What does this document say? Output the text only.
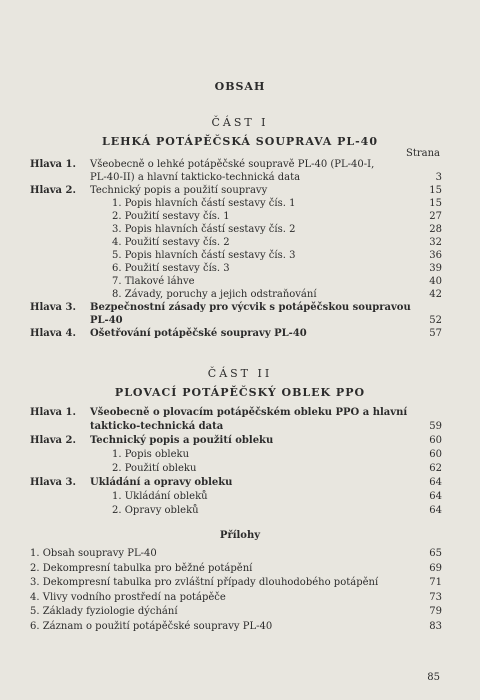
OBSAH
ČÁST I
LEHKÁ POTÁPĚČSKÁ SOUPRAVA PL-40
Strana
Hlava 1. Všeobecně o lehké potápěčské soupravě PL-40 (PL-40-I,
PL-40-II) a hlavní takticko-technická data	3
Hlava 2. Technický popis a použití soupravy	15
1. Popis hlavních částí sestavy čís. 1	15
2. Použití sestavy čís. 1	27
3. Popis hlavních částí sestavy čís. 2	28
4. Použití sestavy čís. 2	32
5. Popis hlavních částí sestavy čís. 3	36
6. Použití sestavy čís. 3	39
7. Tlakové láhve	40
8. Závady, poruchy a jejich odstraňování	42
Hlava 3. Bezpečnostní zásady pro výcvik s potápěčskou soupravou
PL-40	52
Hlava 4. Ošetřování potápěčské soupravy PL-40	57
ČÁST II
PLOVACÍ POTÁPĚČSKÝ OBLEK PPO
Hlava 1. Všeobecně o plovacím potápěčském obleku PPO a hlavní
takticko-technická data	59
Hlava 2. Technický popis a použití obleku	60
1. Popis obleku	60
2. Použití obleku	62
Hlava 3. Ukládání a opravy obleku	64
1. Ukládání obleků	64
2. Opravy obleků	64
Přílohy
1. Obsah soupravy PL-40	65
2. Dekompresní tabulka pro běžné potápění	69
3. Dekompresní tabulka pro zvláštní případy dlouhodobého potápění	71
4. Vlivy vodního prostředí na potápěče	73
5. Základy fyziologie dýchání	79
6. Záznam o použití potápěčské soupravy PL-40	83
85
